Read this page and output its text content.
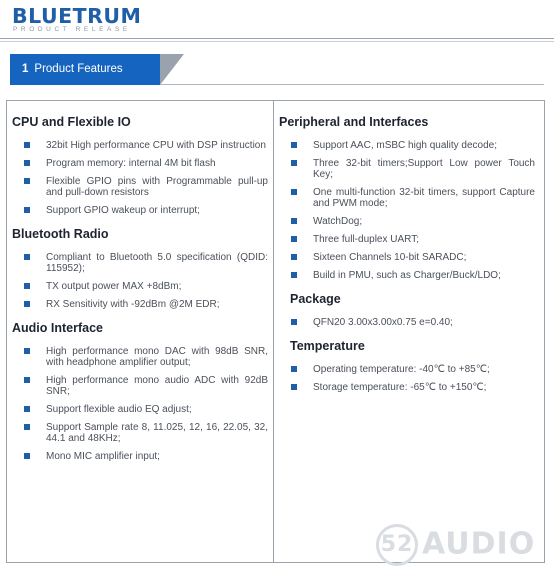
BLUETRUM
PRODUCT RELEASE
1 Product Features
CPU and Flexible IO
32bit High performance CPU with DSP instruction
Program memory: internal 4M bit flash
Flexible GPIO pins with Programmable pull-up and pull-down resistors
Support GPIO wakeup or interrupt;
Bluetooth Radio
Compliant to Bluetooth 5.0 specification (QDID: 115952);
TX output power MAX +8dBm;
RX Sensitivity with -92dBm @2M EDR;
Audio Interface
High performance mono DAC with 98dB SNR, with headphone amplifier output;
High performance mono audio ADC with 92dB SNR;
Support flexible audio EQ adjust;
Support Sample rate 8, 11.025, 12, 16, 22.05, 32, 44.1 and 48KHz;
Mono MIC amplifier input;
Peripheral and Interfaces
Support AAC, mSBC high quality decode;
Three 32-bit timers;Support Low power Touch Key;
One multi-function 32-bit timers, support Capture and PWM mode;
WatchDog;
Three full-duplex UART;
Sixteen Channels 10-bit SARADC;
Build in PMU, such as Charger/Buck/LDO;
Package
QFN20 3.00x3.00x0.75 e=0.40;
Temperature
Operating temperature: -40℃ to +85℃;
Storage temperature: -65℃ to +150℃;
52 AUDIO
